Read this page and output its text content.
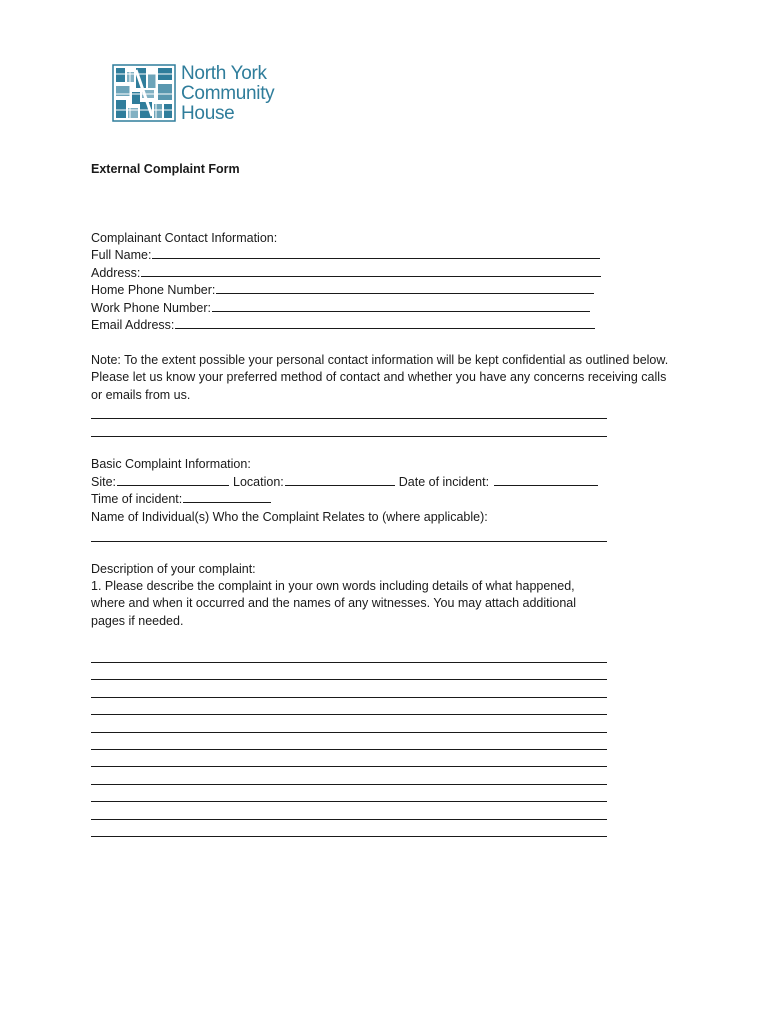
North York
Community
House
External Complaint Form
Complainant Contact Information:
Full Name:
Address:
Home Phone Number:
Work Phone Number:
Email Address:
Note: To the extent possible your personal contact information will be kept confidential as outlined below. Please let us know your preferred method of contact and whether you have any concerns receiving calls or emails from us.
Basic Complaint Information:
Site:	Location:	Date of incident:
Time of incident:
Name of Individual(s) Who the Complaint Relates to (where applicable):
Description of your complaint:
1. Please describe the complaint in your own words including details of what happened, where and when it occurred and the names of any witnesses. You may attach additional pages if needed.
